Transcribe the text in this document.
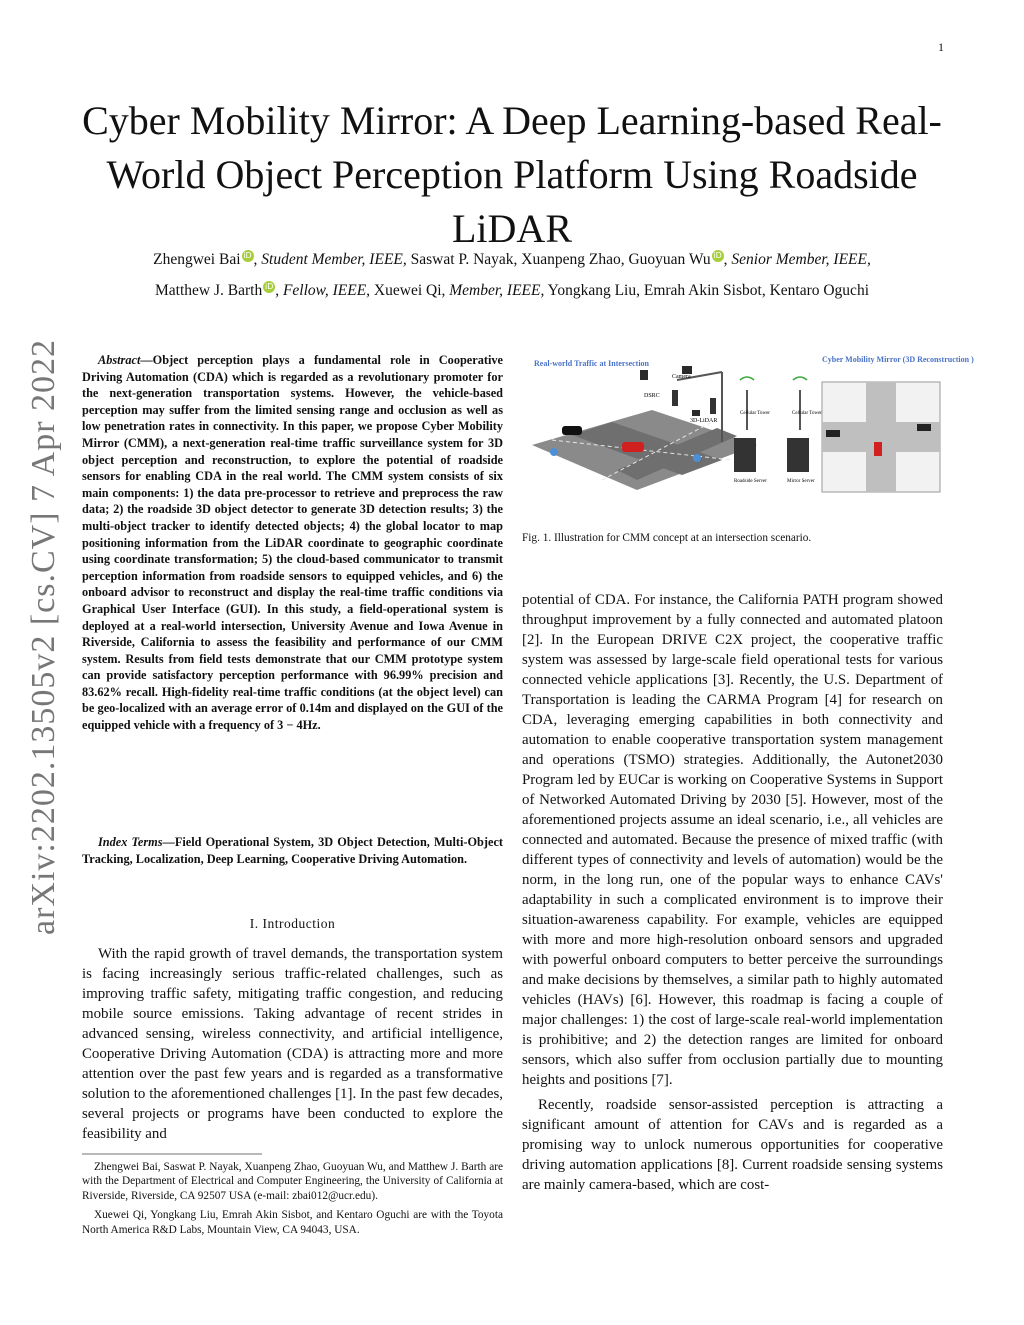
1
arXiv:2202.13505v2 [cs.CV] 7 Apr 2022
Cyber Mobility Mirror: A Deep Learning-based Real-World Object Perception Platform Using Roadside LiDAR
Zhengwei Bai iD , Student Member, IEEE, Saswat P. Nayak, Xuanpeng Zhao, Guoyuan Wu iD , Senior Member, IEEE,
Matthew J. Barth iD , Fellow, IEEE, Xuewei Qi, Member, IEEE, Yongkang Liu, Emrah Akin Sisbot, Kentaro Oguchi
Abstract—Object perception plays a fundamental role in Cooperative Driving Automation (CDA) which is regarded as a revolutionary promoter for the next-generation transportation systems. However, the vehicle-based perception may suffer from the limited sensing range and occlusion as well as low penetration rates in connectivity. In this paper, we propose Cyber Mobility Mirror (CMM), a next-generation real-time traffic surveillance system for 3D object perception and reconstruction, to explore the potential of roadside sensors for enabling CDA in the real world. The CMM system consists of six main components: 1) the data pre-processor to retrieve and preprocess the raw data; 2) the roadside 3D object detector to generate 3D detection results; 3) the multi-object tracker to identify detected objects; 4) the global locator to map positioning information from the LiDAR coordinate to geographic coordinate using coordinate transformation; 5) the cloud-based communicator to transmit perception information from roadside sensors to equipped vehicles, and 6) the onboard advisor to reconstruct and display the real-time traffic conditions via Graphical User Interface (GUI). In this study, a field-operational system is deployed at a real-world intersection, University Avenue and Iowa Avenue in Riverside, California to assess the feasibility and performance of our CMM system. Results from field tests demonstrate that our CMM prototype system can provide satisfactory perception performance with 96.99% precision and 83.62% recall. High-fidelity real-time traffic conditions (at the object level) can be geo-localized with an average error of 0.14m and displayed on the GUI of the equipped vehicle with a frequency of 3 − 4Hz.
Index Terms—Field Operational System, 3D Object Detection, Multi-Object Tracking, Localization, Deep Learning, Cooperative Driving Automation.
I. Introduction
With the rapid growth of travel demands, the transportation system is facing increasingly serious traffic-related challenges, such as improving traffic safety, mitigating traffic congestion, and reducing mobile source emissions. Taking advantage of recent strides in advanced sensing, wireless connectivity, and artificial intelligence, Cooperative Driving Automation (CDA) is attracting more and more attention over the past few years and is regarded as a transformative solution to the aforementioned challenges [1]. In the past few decades, several projects or programs have been conducted to explore the feasibility and

Zhengwei Bai, Saswat P. Nayak, Xuanpeng Zhao, Guoyuan Wu, and Matthew J. Barth are with the Department of Electrical and Computer Engineering, the University of California at Riverside, Riverside, CA 92507 USA (e-mail: zbai012@ucr.edu).

Xuewei Qi, Yongkang Liu, Emrah Akin Sisbot, and Kentaro Oguchi are with the Toyota North America R&D Labs, Mountain View, CA 94043, USA.

Real-world Traffic at Intersection	Cyber Mobility Mirror (3D Reconstruction )
Camera
DSRC
3D-LiDAR
Cellular Tower	Cellular Tower
Roadside Server	Mirror Server
Fig. 1. Illustration for CMM concept at an intersection scenario.

potential of CDA. For instance, the California PATH program showed throughput improvement by a fully connected and automated platoon [2]. In the European DRIVE C2X project, the cooperative traffic system was assessed by large-scale field operational tests for various connected vehicle applications [3]. Recently, the U.S. Department of Transportation is leading the CARMA Program [4] for research on CDA, leveraging emerging capabilities in both connectivity and automation to enable cooperative transportation system management and operations (TSMO) strategies. Additionally, the Autonet2030 Program led by EUCar is working on Cooperative Systems in Support of Networked Automated Driving by 2030 [5]. However, most of the aforementioned projects assume an ideal scenario, i.e., all vehicles are connected and automated. Because the presence of mixed traffic (with different types of connectivity and levels of automation) would be the norm, in the long run, one of the popular ways to enhance CAVs' adaptability in such a complicated environment is to improve their situation-awareness capability. For example, vehicles are equipped with more and more high-resolution onboard sensors and upgraded with powerful onboard computers to better perceive the surroundings and make decisions by themselves, a similar path to highly automated vehicles (HAVs) [6]. However, this roadmap is facing a couple of major challenges: 1) the cost of large-scale real-world implementation is prohibitive; and 2) the detection ranges are limited for onboard sensors, which also suffer from occlusion partially due to mounting heights and positions [7].

Recently, roadside sensor-assisted perception is attracting a significant amount of attention for CAVs and is regarded as a promising way to unlock numerous opportunities for cooperative driving automation applications [8]. Current roadside sensing systems are mainly camera-based, which are cost-
